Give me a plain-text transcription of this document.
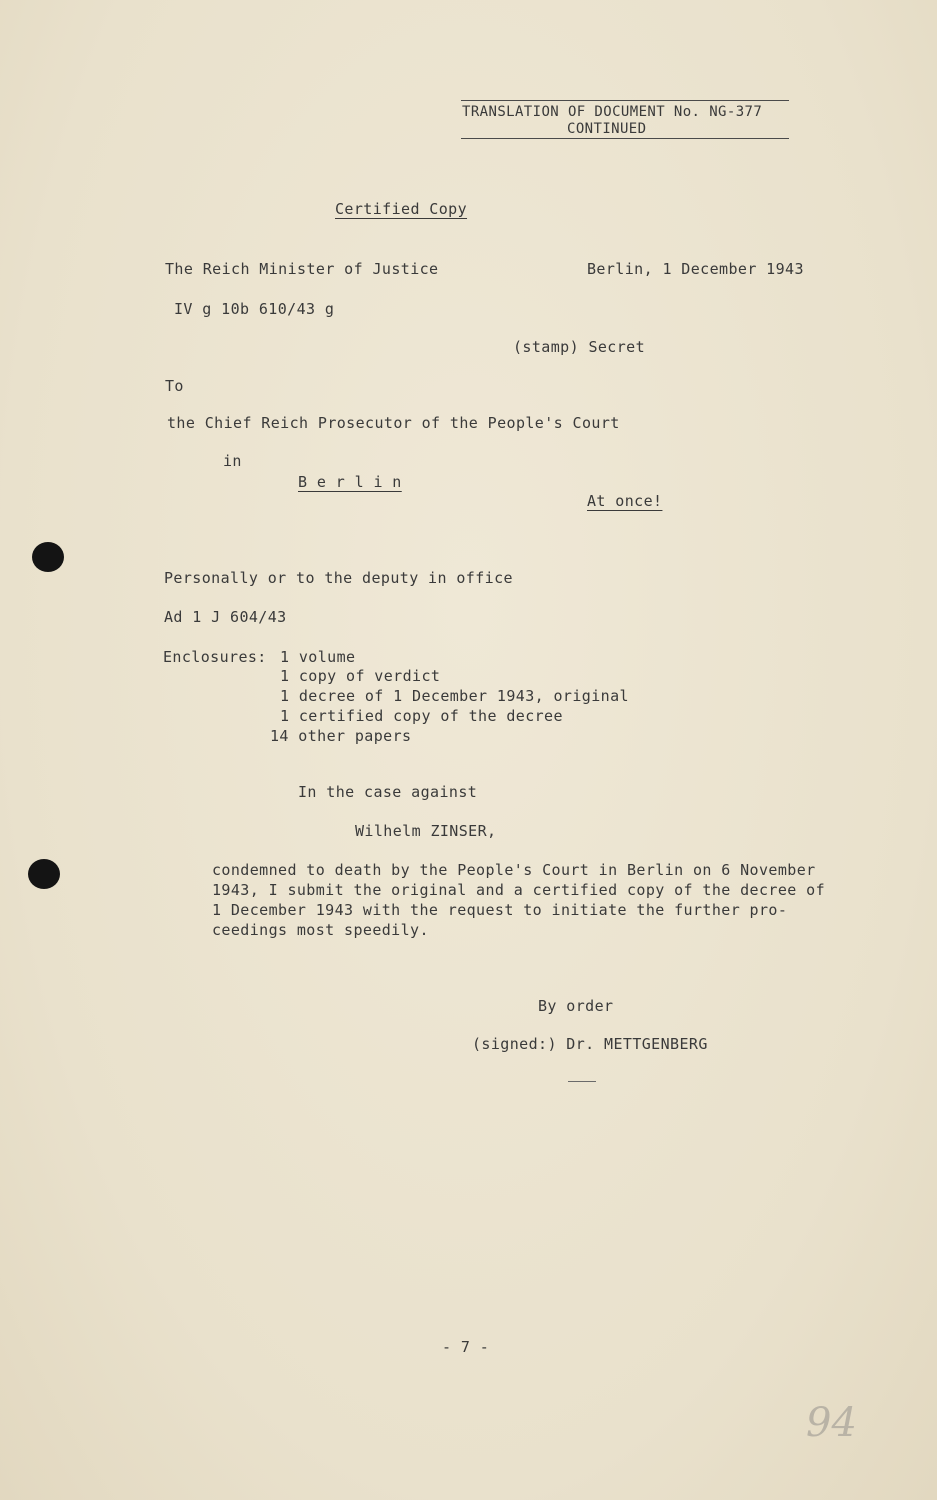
TRANSLATION OF DOCUMENT No. NG-377
CONTINUED
Certified Copy
The Reich Minister of Justice	Berlin, 1 December 1943
IV g 10b 610/43 g
(stamp) Secret
To
the Chief Reich Prosecutor of the People's Court
in
B e r l i n
At once!
Personally or to the deputy in office
Ad 1 J 604/43
Enclosures: 1 volume
1 copy of verdict
1 decree of 1 December 1943, original
1 certified copy of the decree
14 other papers
In the case against
Wilhelm ZINSER,
condemned to death by the People's Court in Berlin on 6 November
1943, I submit the original and a certified copy of the decree of
1 December 1943 with the request to initiate the further pro-
ceedings most speedily.
By order
(signed:) Dr. METTGENBERG
- 7 -
94
